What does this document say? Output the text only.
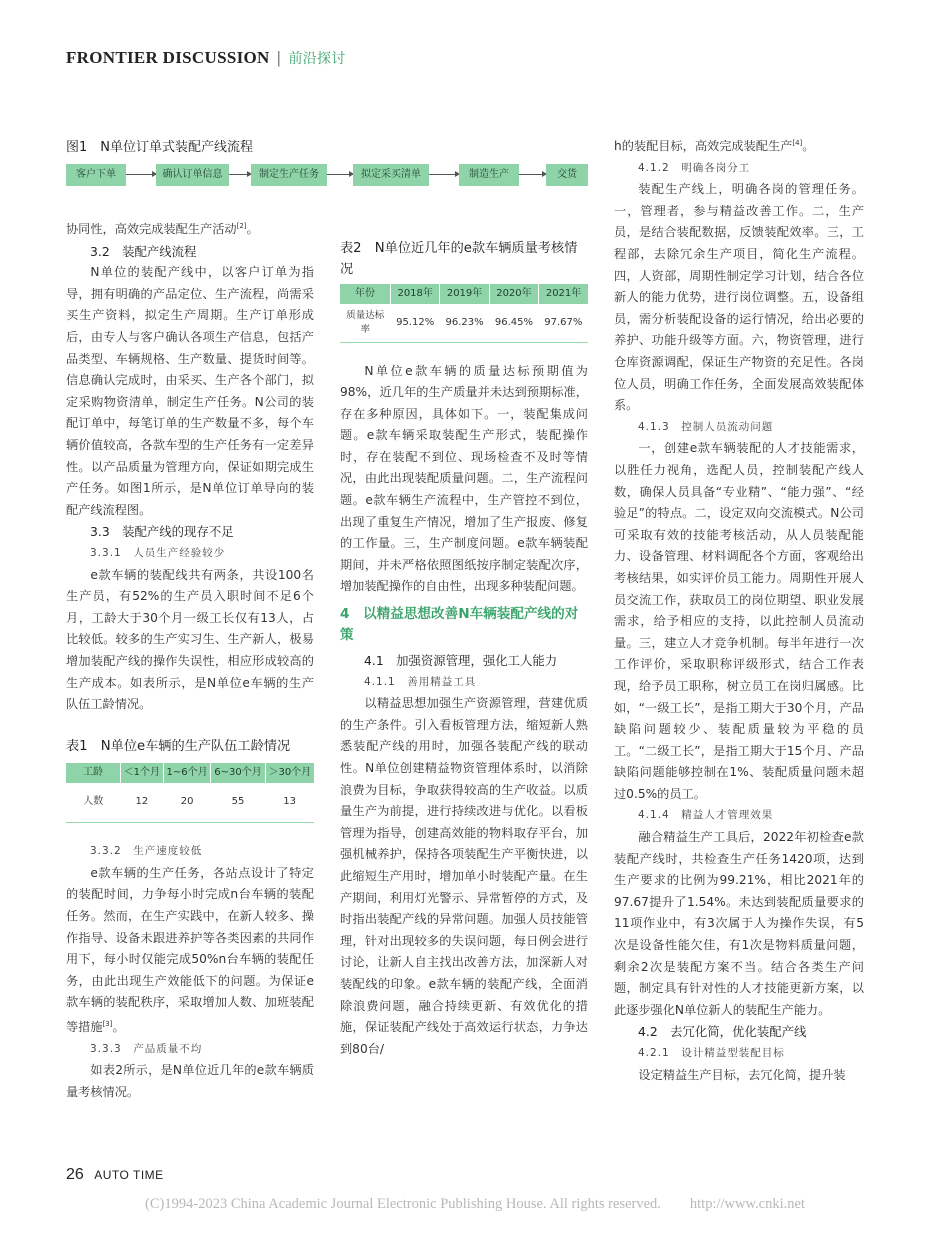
FRONTIER DISCUSSION | 前沿探讨
图1　N单位订单式装配产线流程
客户下单	确认订单信息	制定生产任务	拟定采买清单	制造生产	交货

协同性，高效完成装配生产活动[2]。

3.2　装配产线流程

N单位的装配产线中，以客户订单为指导，拥有明确的产品定位、生产流程，尚需采买生产资料，拟定生产周期。生产订单形成后，由专人与客户确认各项生产信息，包括产品类型、车辆规格、生产数量、提货时间等。信息确认完成时，由采买、生产各个部门，拟定采购物资清单，制定生产任务。N公司的装配订单中，每笔订单的生产数量不多，每个车辆价值较高，各款车型的生产任务有一定差异性。以产品质量为管理方向，保证如期完成生产任务。如图1所示，是N单位订单导向的装配产线流程图。

3.3　装配产线的现存不足
3.3.1　人员生产经验较少

e款车辆的装配线共有两条，共设100名生产员，有52%的生产员入职时间不足6个月，工龄大于30个月一级工长仅有13人，占比较低。较多的生产实习生、生产新人，极易增加装配产线的操作失误性，相应形成较高的生产成本。如表所示，是N单位e车辆的生产队伍工龄情况。

表1　N单位e车辆的生产队伍工龄情况
工龄	＜1个月	1~6个月	6~30个月	＞30个月
人数	12	20	55	13
3.3.2　生产速度较低

e款车辆的生产任务，各站点设计了特定的装配时间，力争每小时完成n台车辆的装配任务。然而，在生产实践中，在新人较多、操作指导、设备未跟进养护等各类因素的共同作用下，每小时仅能完成50%n台车辆的装配任务，由此出现生产效能低下的问题。为保证e款车辆的装配秩序，采取增加人数、加班装配等措施[3]。

3.3.3　产品质量不均

如表2所示，是N单位近几年的e款车辆质量考核情况。

表2　N单位近几年的e款车辆质量考核情况
年份	2018年	2019年	2020年	2021年
质量达标率	95.12%	96.23%	96.45%	97.67%

N单位e款车辆的质量达标预期值为98%，近几年的生产质量并未达到预期标准，存在多种原因，具体如下。一，装配集成问题。e款车辆采取装配生产形式，装配操作时，存在装配不到位、现场检查不及时等情况，由此出现装配质量问题。二，生产流程问题。e款车辆生产流程中，生产管控不到位，出现了重复生产情况，增加了生产报废、修复的工作量。三，生产制度问题。e款车辆装配期间，并未严格依照图纸按序制定装配次序，增加装配操作的自由性，出现多种装配问题。

4　以精益思想改善N车辆装配产线的对策
4.1　加强资源管理，强化工人能力
4.1.1　善用精益工具

以精益思想加强生产资源管理，营建优质的生产条件。引入看板管理方法，缩短新人熟悉装配产线的用时，加强各装配产线的联动性。N单位创建精益物资管理体系时，以消除浪费为目标，争取获得较高的生产收益。以质量生产为前提，进行持续改进与优化。以看板管理为指导，创建高效能的物料取存平台，加强机械养护，保持各项装配生产平衡快进，以此缩短生产用时，增加单小时装配产量。在生产期间，利用灯光警示、异常暂停的方式，及时指出装配产线的异常问题。加强人员技能管理，针对出现较多的失误问题，每日例会进行讨论，让新人自主找出改善方法，加深新人对装配线的印象。e款车辆的装配产线，全面消除浪费问题，融合持续更新、有效优化的措施，保证装配产线处于高效运行状态，力争达到80台/

h的装配目标，高效完成装配生产[4]。

4.1.2　明确各岗分工

装配生产线上，明确各岗的管理任务。一，管理者，参与精益改善工作。二，生产员，是结合装配数据，反馈装配效率。三，工程部，去除冗余生产项目，简化生产流程。四，人资部，周期性制定学习计划，结合各位新人的能力优势，进行岗位调整。五，设备组员，需分析装配设备的运行情况，给出必要的养护、功能升级等方面。六，物资管理，进行仓库资源调配，保证生产物资的充足性。各岗位人员，明确工作任务，全面发展高效装配体系。

4.1.3　控制人员流动问题

一，创建e款车辆装配的人才技能需求，以胜任力视角，选配人员，控制装配产线人数，确保人员具备“专业精”、“能力强”、“经验足”的特点。二，设定双向交流模式。N公司可采取有效的技能考核活动，从人员装配能力、设备管理、材料调配各个方面，客观给出考核结果，如实评价员工能力。周期性开展人员交流工作，获取员工的岗位期望、职业发展需求，给予相应的支持，以此控制人员流动量。三，建立人才竞争机制。每半年进行一次工作评价，采取职称评级形式，结合工作表现，给予员工职称，树立员工在岗归属感。比如，“一级工长”，是指工期大于30个月，产品缺陷问题较少、装配质量较为平稳的员工。“二级工长”，是指工期大于15个月、产品缺陷问题能够控制在1%、装配质量问题未超过0.5%的员工。

4.1.4　精益人才管理效果

融合精益生产工具后，2022年初检查e款装配产线时，共检查生产任务1420项，达到生产要求的比例为99.21%，相比2021年的97.67提升了1.54%。未达到装配质量要求的11项作业中，有3次属于人为操作失误，有5次是设备性能欠佳，有1次是物料质量问题，剩余2次是装配方案不当。结合各类生产问题，制定具有针对性的人才技能更新方案，以此逐步强化N单位新人的装配生产能力。

4.2　去冗化简，优化装配产线
4.2.1　设计精益型装配目标

设定精益生产目标，去冗化简，提升装

26 AUTO TIME
(C)1994-2023 China Academic Journal Electronic Publishing House. All rights reserved.　　http://www.cnki.net
